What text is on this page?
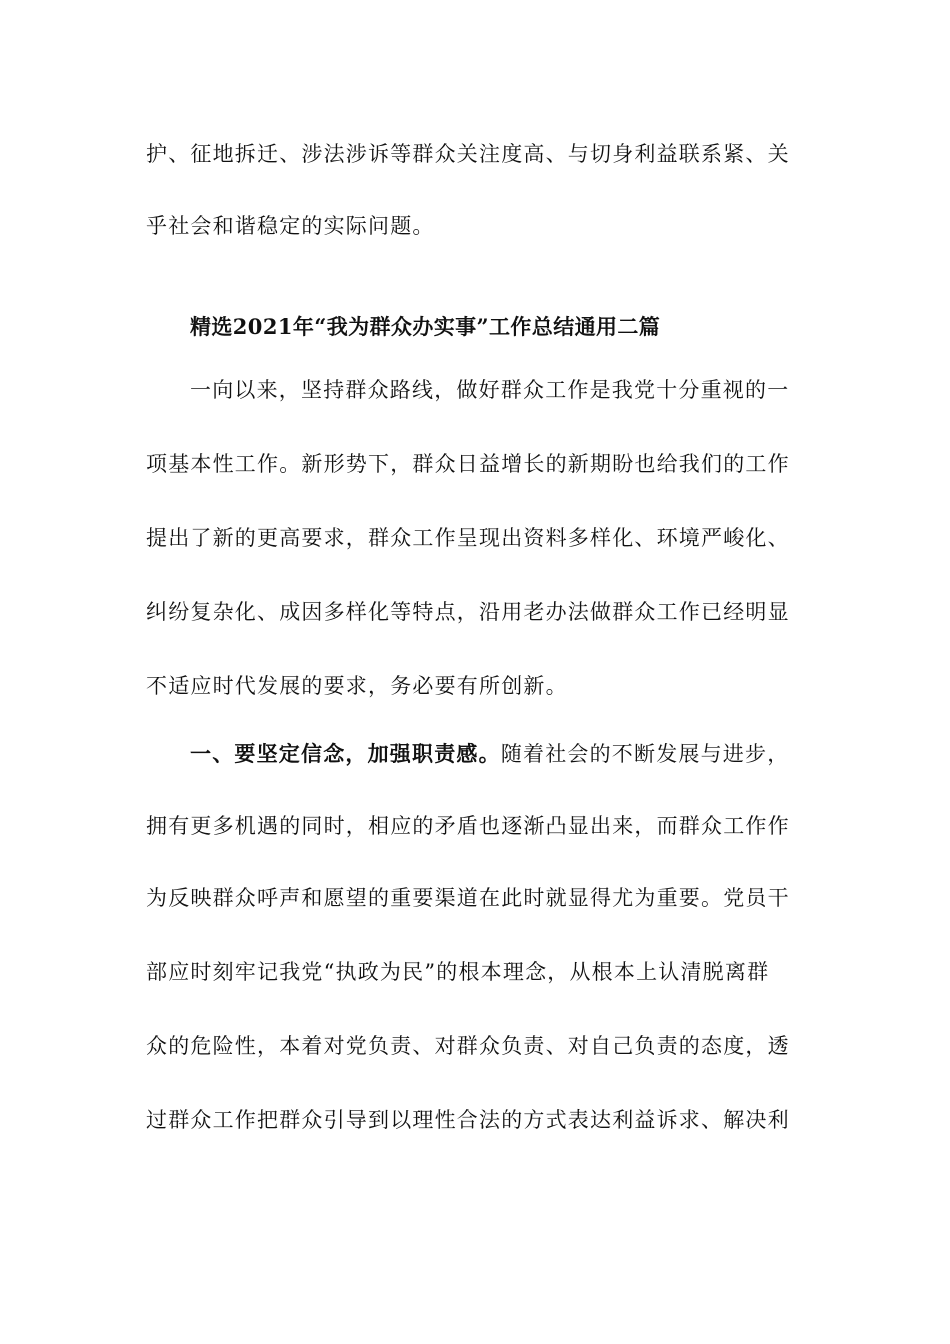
护、征地拆迁、涉法涉诉等群众关注度高、与切身利益联系紧、关
乎社会和谐稳定的实际问题。
精选2021年“我为群众办实事”工作总结通用二篇
一向以来，坚持群众路线，做好群众工作是我党十分重视的一
项基本性工作。新形势下，群众日益增长的新期盼也给我们的工作
提出了新的更高要求，群众工作呈现出资料多样化、环境严峻化、
纠纷复杂化、成因多样化等特点，沿用老办法做群众工作已经明显
不适应时代发展的要求，务必要有所创新。
一、要坚定信念，加强职责感。随着社会的不断发展与进步，
拥有更多机遇的同时，相应的矛盾也逐渐凸显出来，而群众工作作
为反映群众呼声和愿望的重要渠道在此时就显得尤为重要。党员干
部应时刻牢记我党“执政为民”的根本理念，从根本上认清脱离群
众的危险性，本着对党负责、对群众负责、对自己负责的态度，透
过群众工作把群众引导到以理性合法的方式表达利益诉求、解决利
